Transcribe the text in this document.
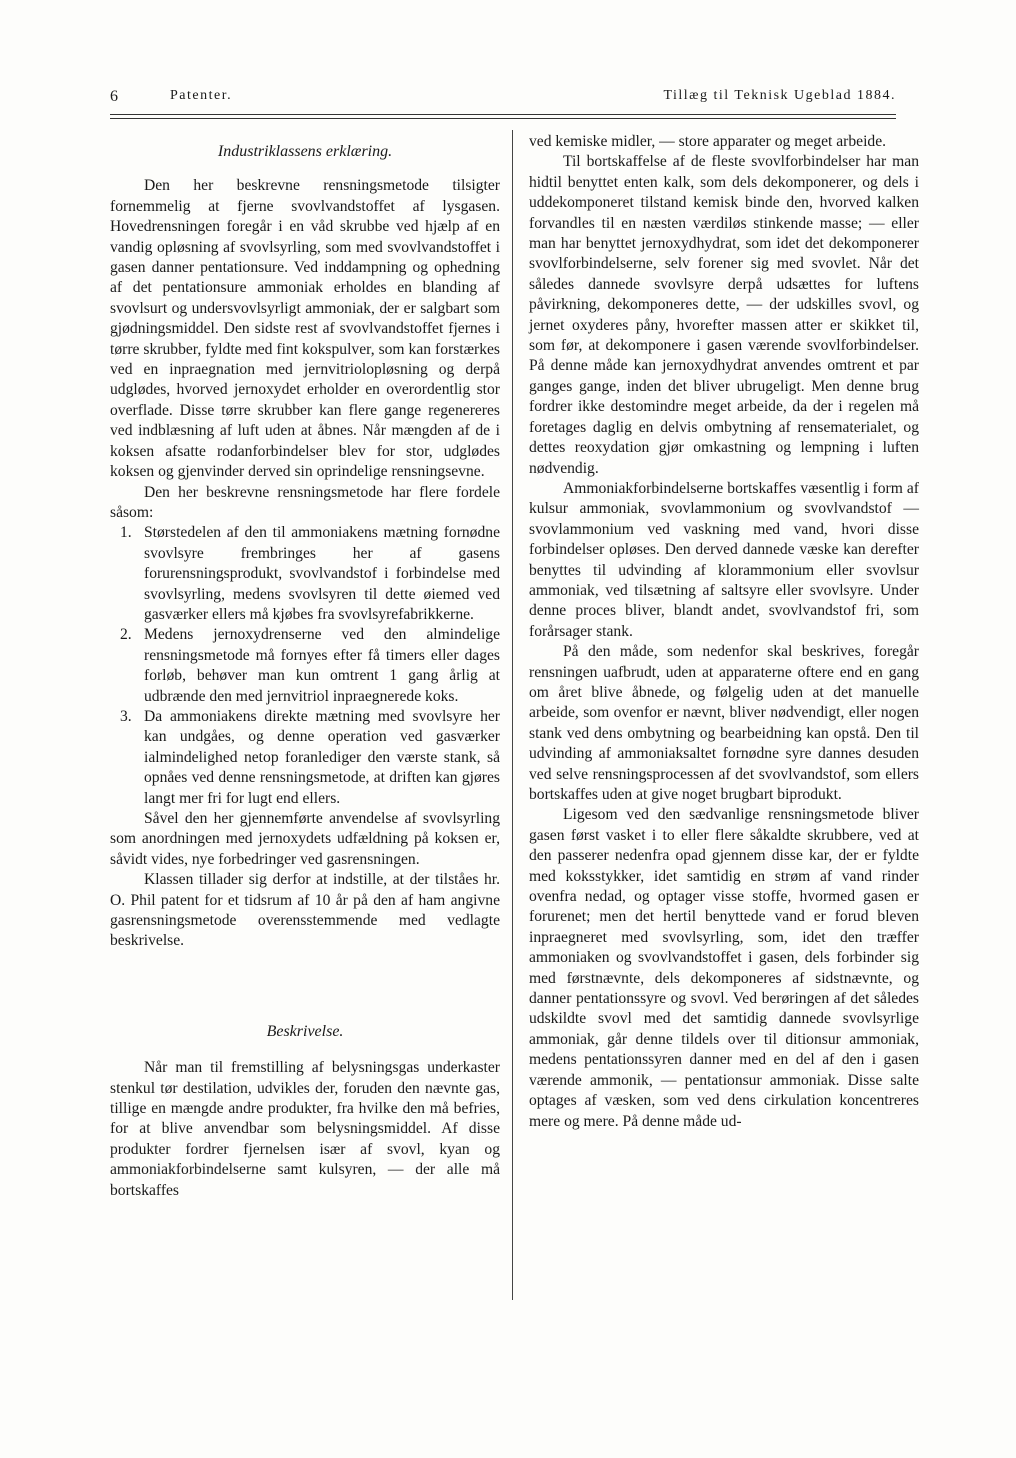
6	Patenter.	Tillæg til Teknisk Ugeblad 1884.
Industriklassens erklæring.

Den her beskrevne rensningsmetode tilsigter fornemmelig at fjerne svovlvandstoffet af lysgasen. Hovedrensningen foregår i en våd skrubbe ved hjælp af en vandig opløsning af svovlsyrling, som med svovlvandstoffet i gasen danner pentationsure. Ved inddampning og ophedning af det pentationsure ammoniak erholdes en blanding af svovlsurt og undersvovlsyrligt ammoniak, der er salgbart som gjødningsmiddel. Den sidste rest af svovlvandstoffet fjernes i tørre skrubber, fyldte med fint kokspulver, som kan forstærkes ved en inpraegnation med jernvitriolopløsning og derpå udglødes, hvorved jernoxydet erholder en overordentlig stor overflade. Disse tørre skrubber kan flere gange regenereres ved indblæsning af luft uden at åbnes. Når mængden af de i koksen afsatte rodanforbindelser blev for stor, udglødes koksen og gjenvinder derved sin oprindelige rensningsevne.

Den her beskrevne rensningsmetode har flere fordele såsom:

1. Størstedelen af den til ammoniakens mætning fornødne svovlsyre frembringes her af gasens forurensningsprodukt, svovlvandstof i forbindelse med svovlsyrling, medens svovlsyren til dette øiemed ved gasværker ellers må kjøbes fra svovlsyrefabrikkerne.
2. Medens jernoxydrenserne ved den almindelige rensningsmetode må fornyes efter få timers eller dages forløb, behøver man kun omtrent 1 gang årlig at udbrænde den med jernvitriol inpraegnerede koks.
3. Da ammoniakens direkte mætning med svovlsyre her kan undgåes, og denne operation ved gasværker ialmindelighed netop foranlediger den værste stank, så opnåes ved denne rensningsmetode, at driften kan gjøres langt mer fri for lugt end ellers.

Såvel den her gjennemførte anvendelse af svovlsyrling som anordningen med jernoxydets udfældning på koksen er, såvidt vides, nye forbedringer ved gasrensningen.

Klassen tillader sig derfor at indstille, at der tilståes hr. O. Phil patent for et tidsrum af 10 år på den af ham angivne gasrensningsmetode overensstemmende med vedlagte beskrivelse.

Beskrivelse.

Når man til fremstilling af belysningsgas underkaster stenkul tør destilation, udvikles der, foruden den nævnte gas, tillige en mængde andre produkter, fra hvilke den må befries, for at blive anvendbar som belysningsmiddel. Af disse produkter fordrer fjernelsen især af svovl, kyan og ammoniakforbindelserne samt kulsyren, — der alle må bortskaffes

ved kemiske midler, — store apparater og meget arbeide.

Til bortskaffelse af de fleste svovlforbindelser har man hidtil benyttet enten kalk, som dels dekomponerer, og dels i uddekomponeret tilstand kemisk binde den, hvorved kalken forvandles til en næsten værdiløs stinkende masse; — eller man har benyttet jernoxydhydrat, som idet det dekomponerer svovlforbindelserne, selv forener sig med svovlet. Når det således dannede svovlsyre derpå udsættes for luftens påvirkning, dekomponeres dette, — der udskilles svovl, og jernet oxyderes påny, hvorefter massen atter er skikket til, som før, at dekomponere i gasen værende svovlforbindelser. På denne måde kan jernoxydhydrat anvendes omtrent et par ganges gange, inden det bliver ubrugeligt. Men denne brug fordrer ikke destomindre meget arbeide, da der i regelen må foretages daglig en delvis ombytning af rensematerialet, og dettes reoxydation gjør omkastning og lempning i luften nødvendig.

Ammoniakforbindelserne bortskaffes væsentlig i form af kulsur ammoniak, svovlammonium og svovlvandstof — svovlammonium ved vaskning med vand, hvori disse forbindelser opløses. Den derved dannede væske kan derefter benyttes til udvinding af klorammonium eller svovlsur ammoniak, ved tilsætning af saltsyre eller svovlsyre. Under denne proces bliver, blandt andet, svovlvandstof fri, som forårsager stank.

På den måde, som nedenfor skal beskrives, foregår rensningen uafbrudt, uden at apparaterne oftere end en gang om året blive åbnede, og følgelig uden at det manuelle arbeide, som ovenfor er nævnt, bliver nødvendigt, eller nogen stank ved dens ombytning og bearbeidning kan opstå. Den til udvinding af ammoniaksaltet fornødne syre dannes desuden ved selve rensningsprocessen af det svovlvandstof, som ellers bortskaffes uden at give noget brugbart biprodukt.

Ligesom ved den sædvanlige rensningsmetode bliver gasen først vasket i to eller flere såkaldte skrubbere, ved at den passerer nedenfra opad gjennem disse kar, der er fyldte med koksstykker, idet samtidig en strøm af vand rinder ovenfra nedad, og optager visse stoffe, hvormed gasen er forurenet; men det hertil benyttede vand er forud bleven inpraegneret med svovlsyrling, som, idet den træffer ammoniaken og svovlvandstoffet i gasen, dels forbinder sig med førstnævnte, dels dekomponeres af sidstnævnte, og danner pentationssyre og svovl. Ved berøringen af det således udskildte svovl med det samtidig dannede svovlsyrlige ammoniak, går denne tildels over til ditionsur ammoniak, medens pentationssyren danner med en del af den i gasen værende ammonik, — pentationsur ammoniak. Disse salte optages af væsken, som ved dens cirkulation koncentreres mere og mere. På denne måde ud-
